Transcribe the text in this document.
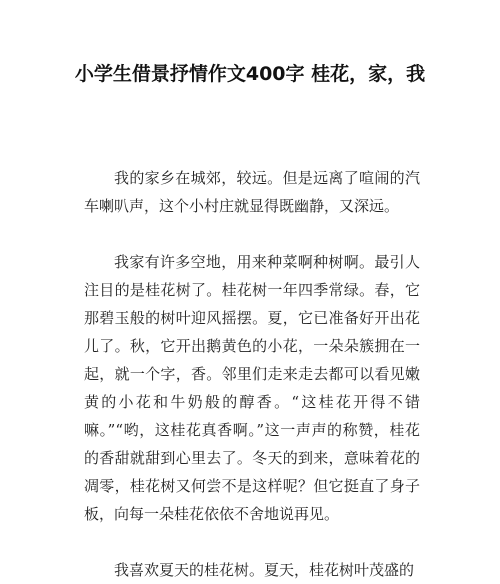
小学生借景抒情作文400字 桂花，家，我

我的家乡在城郊，较远。但是远离了喧闹的汽车喇叭声，这个小村庄就显得既幽静，又深远。

我家有许多空地，用来种菜啊种树啊。最引人注目的是桂花树了。桂花树一年四季常绿。春，它那碧玉般的树叶迎风摇摆。夏，它已准备好开出花儿了。秋，它开出鹅黄色的小花，一朵朵簇拥在一起，就一个字，香。邻里们走来走去都可以看见嫩黄的小花和牛奶般的醇香。“这桂花开得不错嘛。”“哟，这桂花真香啊。”这一声声的称赞，桂花的香甜就甜到心里去了。冬天的到来，意味着花的凋零，桂花树又何尝不是这样呢？但它挺直了身子板，向每一朵桂花依依不舍地说再见。

我喜欢夏天的桂花树。夏天，桂花树叶茂盛的
